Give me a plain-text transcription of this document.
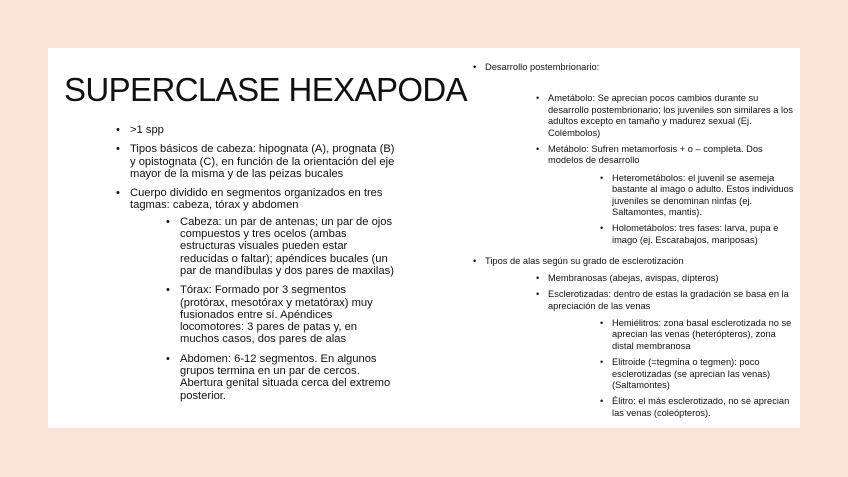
SUPERCLASE HEXAPODA
• >1 spp
• Tipos básicos de cabeza: hipognata (A), prognata (B) y opistognata (C), en función de la orientación del eje mayor de la misma y de las peizas bucales
• Cuerpo dividido en segmentos organizados en tres tagmas: cabeza, tórax y abdomen
• Cabeza: un par de antenas; un par de ojos compuestos y tres ocelos (ambas estructuras visuales pueden estar reducidas o faltar); apéndices bucales (un par de mandíbulas y dos pares de maxilas)
• Tórax: Formado por 3 segmentos (protórax, mesotórax y metatórax) muy fusionados entre sí. Apéndices locomotores: 3 pares de patas y, en muchos casos, dos pares de alas
• Abdomen: 6-12 segmentos. En algunos grupos termina en un par de cercos. Abertura genital situada cerca del extremo posterior.
• Desarrollo postembrionario:
• Ametábolo: Se aprecian pocos cambios durante su desarrollo postembrionario; los juveniles son similares a los adultos excepto en tamaño y madurez sexual (Ej. Colémbolos)
• Metábolo: Sufren metamorfosis + o – completa. Dos modelos de desarrollo
• Heterometábolos: el juvenil se asemeja bastante al imago o adulto. Estos individuos juveniles se denominan ninfas (ej. Saltamontes, mantis).
• Holometábolos: tres fases: larva, pupa e imago (ej. Escarabajos, mariposas)
• Tipos de alas según su grado de esclerotización
• Membranosas (abejas, avispas, dípteros)
• Esclerotizadas: dentro de estas la gradación se basa en la apreciación de las venas
• Hemiélitros: zona basal esclerotizada no se aprecian las venas (heterópteros), zona distal membranosa
• Elitroide (=tegmina o tegmen): poco esclerotizadas (se aprecian las venas) (Saltamontes)
• Élitro: el más esclerotizado, no se aprecian las venas (coleópteros).
